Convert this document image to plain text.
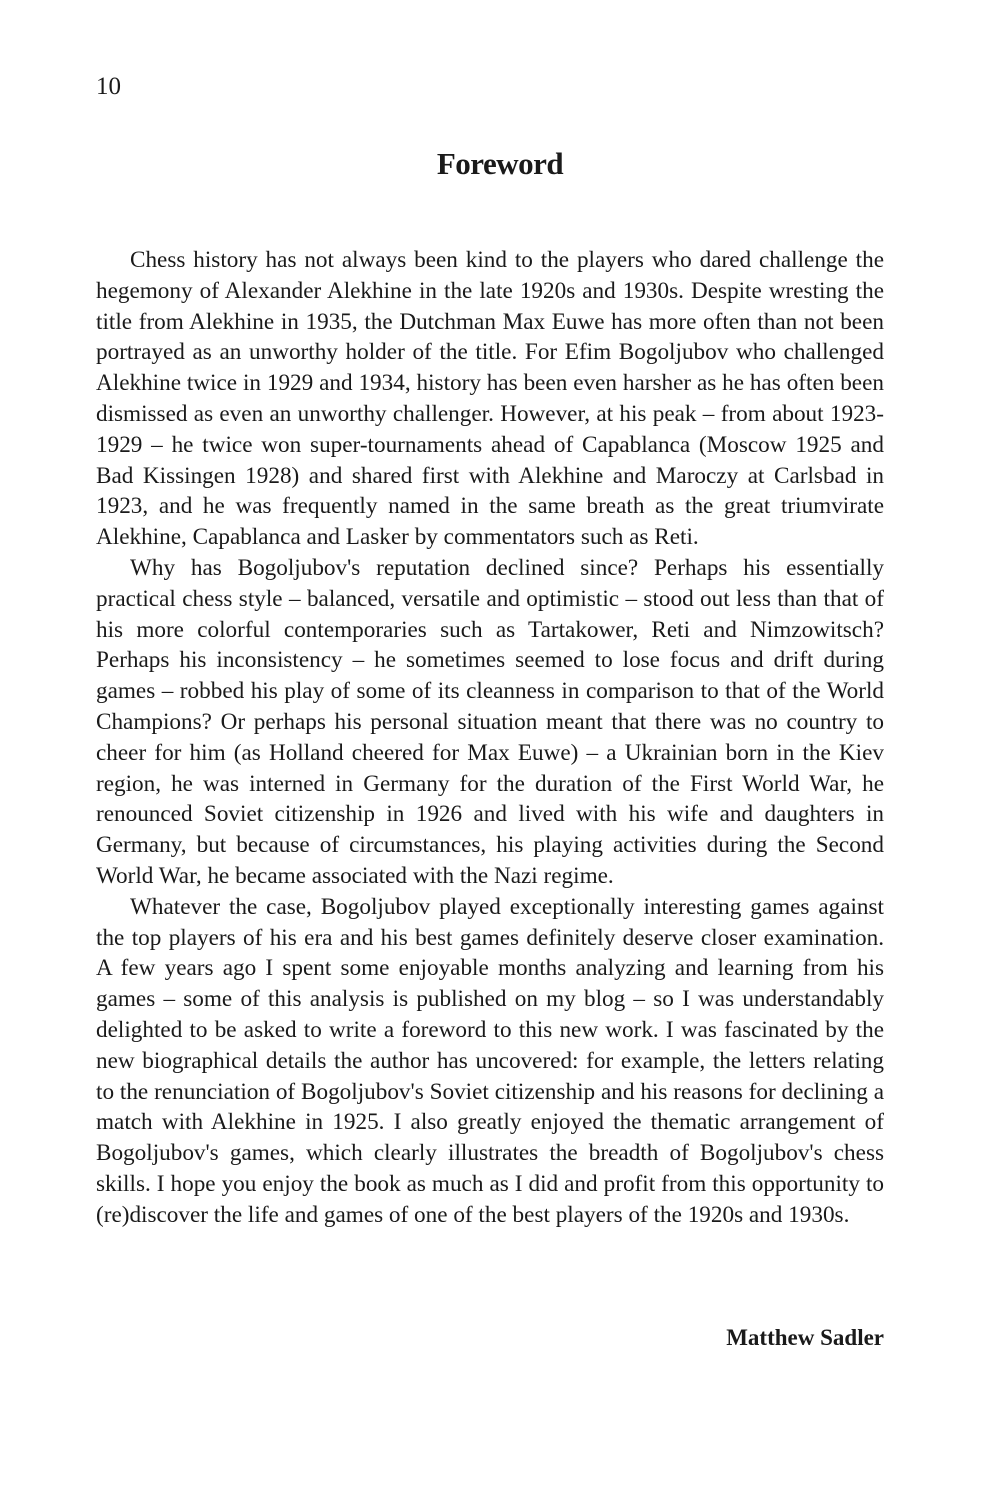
10
Foreword

Chess history has not always been kind to the players who dared challenge the hegemony of Alexander Alekhine in the late 1920s and 1930s. Despite wresting the title from Alekhine in 1935, the Dutchman Max Euwe has more often than not been portrayed as an unworthy holder of the title. For Efim Bogoljubov who challenged Alekhine twice in 1929 and 1934, history has been even harsher as he has often been dismissed as even an unworthy challenger. However, at his peak – from about 1923-1929 – he twice won super-tournaments ahead of Capablanca (Moscow 1925 and Bad Kissingen 1928) and shared first with Alekhine and Maroczy at Carlsbad in 1923, and he was frequently named in the same breath as the great triumvirate Alekhine, Capablanca and Lasker by commentators such as Reti.

Why has Bogoljubov's reputation declined since? Perhaps his essentially practical chess style – balanced, versatile and optimistic – stood out less than that of his more colorful contemporaries such as Tartakower, Reti and Nimzowitsch? Perhaps his inconsistency – he sometimes seemed to lose focus and drift during games – robbed his play of some of its cleanness in comparison to that of the World Champions? Or perhaps his personal situation meant that there was no country to cheer for him (as Holland cheered for Max Euwe) – a Ukrainian born in the Kiev region, he was interned in Germany for the duration of the First World War, he renounced Soviet citizenship in 1926 and lived with his wife and daughters in Germany, but because of circumstances, his playing activities during the Second World War, he became associated with the Nazi regime.

Whatever the case, Bogoljubov played exceptionally interesting games against the top players of his era and his best games definitely deserve closer examination. A few years ago I spent some enjoyable months analyzing and learning from his games – some of this analysis is published on my blog – so I was understandably delighted to be asked to write a foreword to this new work. I was fascinated by the new biographical details the author has uncovered: for example, the letters relating to the renunciation of Bogoljubov's Soviet citizenship and his reasons for declining a match with Alekhine in 1925. I also greatly enjoyed the thematic arrangement of Bogoljubov's games, which clearly illustrates the breadth of Bogoljubov's chess skills. I hope you enjoy the book as much as I did and profit from this opportunity to (re)discover the life and games of one of the best players of the 1920s and 1930s.

Matthew Sadler
